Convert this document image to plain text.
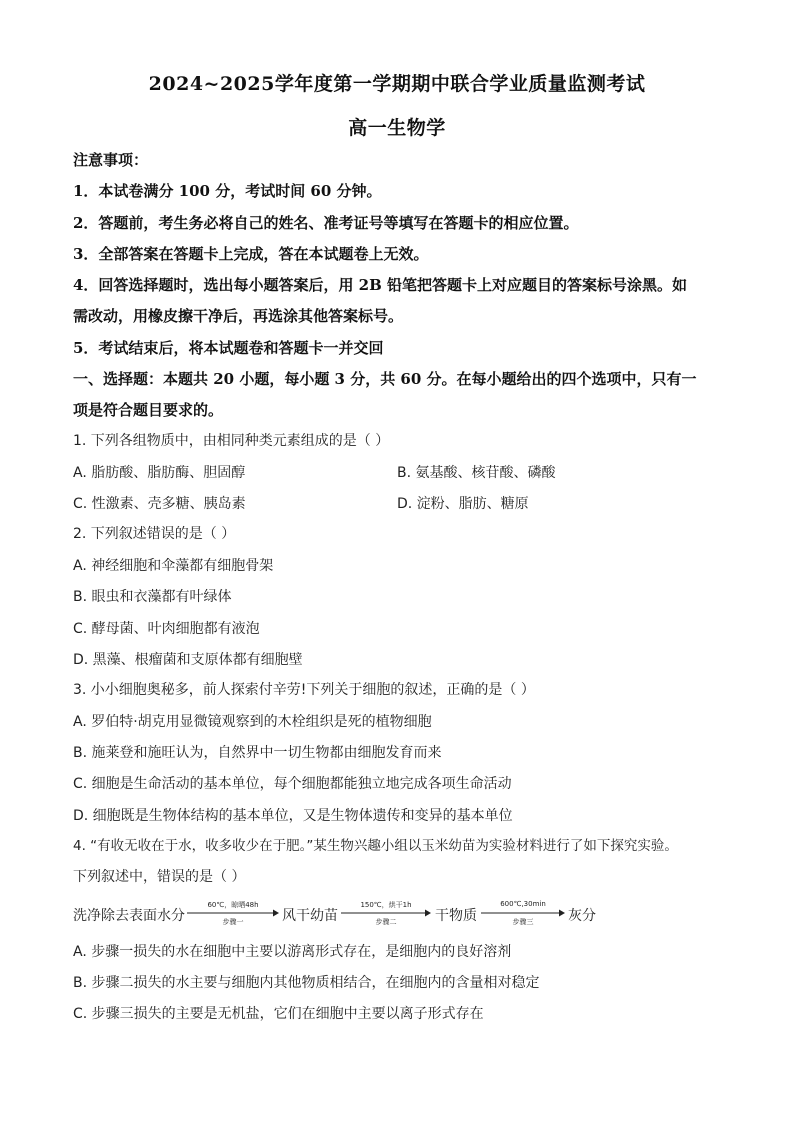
2024~2025学年度第一学期期中联合学业质量监测考试
高一生物学
注意事项：
1．本试卷满分 100 分，考试时间 60 分钟。
2．答题前，考生务必将自己的姓名、准考证号等填写在答题卡的相应位置。
3．全部答案在答题卡上完成，答在本试题卷上无效。
4．回答选择题时，选出每小题答案后，用 2B 铅笔把答题卡上对应题目的答案标号涂黑。如
需改动，用橡皮擦干净后，再选涂其他答案标号。
5．考试结束后，将本试题卷和答题卡一并交回
一、选择题：本题共 20 小题，每小题 3 分，共 60 分。在每小题给出的四个选项中，只有一
项是符合题目要求的。
1. 下列各组物质中，由相同种类元素组成的是（ ）
A. 脂肪酸、脂肪酶、胆固醇	B. 氨基酸、核苷酸、磷酸
C. 性激素、壳多糖、胰岛素	D. 淀粉、脂肪、糖原
2. 下列叙述错误的是（ ）
A. 神经细胞和伞藻都有细胞骨架
B. 眼虫和衣藻都有叶绿体
C. 酵母菌、叶肉细胞都有液泡
D. 黑藻、根瘤菌和支原体都有细胞壁
3. 小小细胞奥秘多，前人探索付辛劳!下列关于细胞的叙述，正确的是（ ）
A. 罗伯特·胡克用显微镜观察到的木栓组织是死的植物细胞
B. 施莱登和施旺认为，自然界中一切生物都由细胞发育而来
C. 细胞是生命活动的基本单位，每个细胞都能独立地完成各项生命活动
D. 细胞既是生物体结构的基本单位，又是生物体遗传和变异的基本单位
4. “有收无收在于水，收多收少在于肥。”某生物兴趣小组以玉米幼苗为实验材料进行了如下探究实验。
下列叙述中，错误的是（ ）
洗净除去表面水分
60℃，晾晒48h
步骤一	风干幼苗
150℃，烘干1h
步骤二	干物质
600℃,30min
步骤三	灰分
A. 步骤一损失的水在细胞中主要以游离形式存在，是细胞内的良好溶剂
B. 步骤二损失的水主要与细胞内其他物质相结合，在细胞内的含量相对稳定
C. 步骤三损失的主要是无机盐，它们在细胞中主要以离子形式存在
